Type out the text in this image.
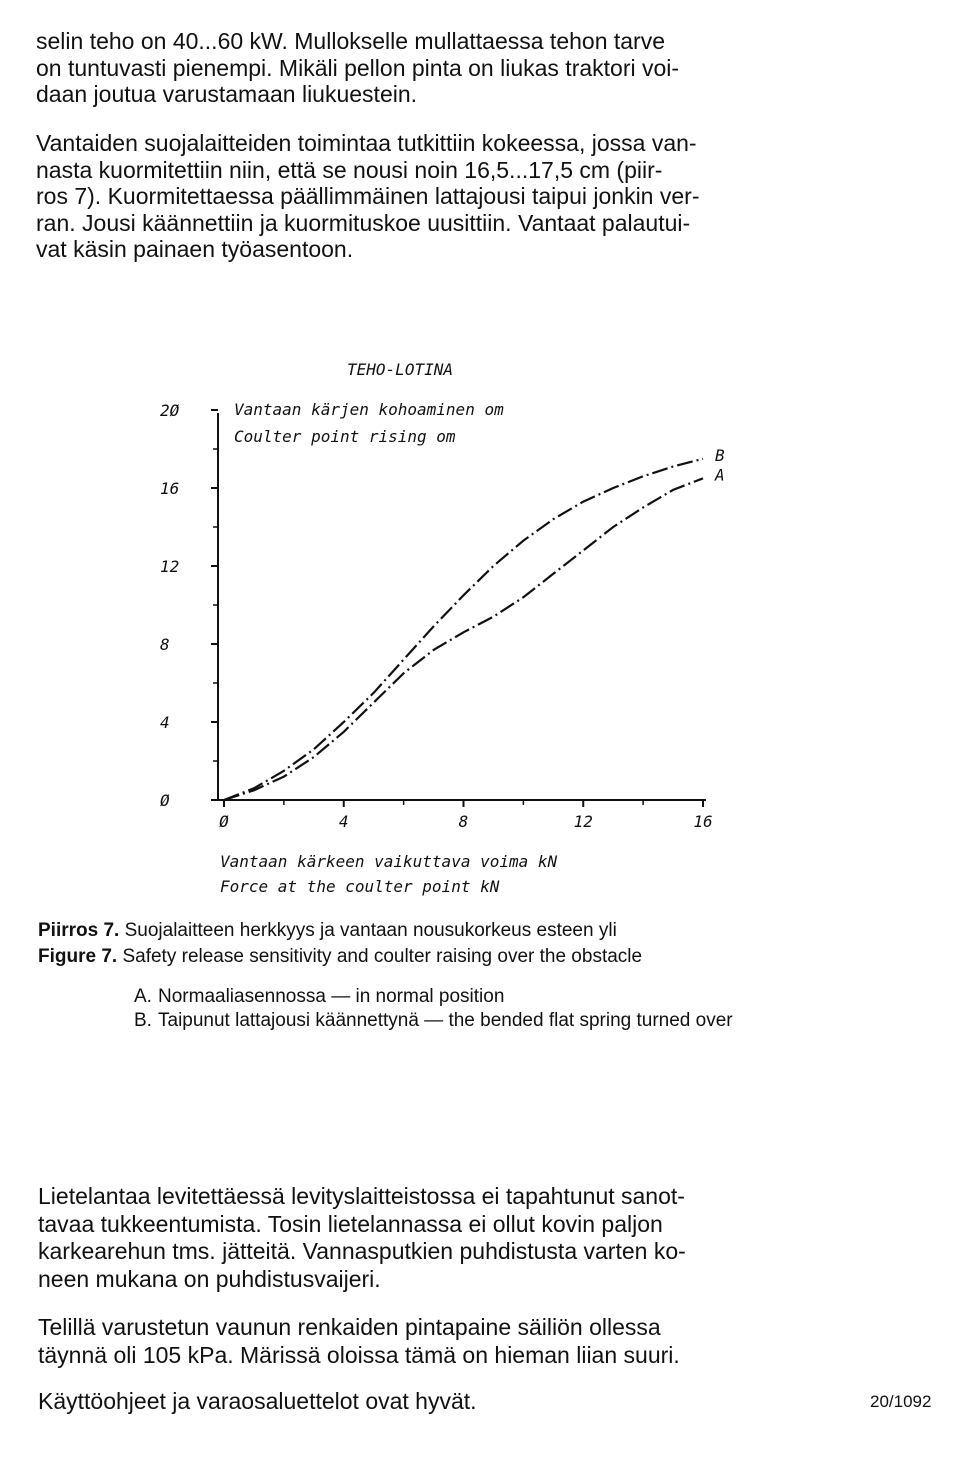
selin teho on 40...60 kW. Mullokselle mullattaessa tehon tarve
on tuntuvasti pienempi. Mikäli pellon pinta on liukas traktori voi-
daan joutua varustamaan liukuestein.

Vantaiden suojalaitteiden toimintaa tutkittiin kokeessa, jossa van-
nasta kuormitettiin niin, että se nousi noin 16,5...17,5 cm (piir-
ros 7). Kuormitettaessa päällimmäinen lattajousi taipui jonkin ver-
ran. Jousi käännettiin ja kuormituskoe uusittiin. Vantaat palautui-
vat käsin painaen työasentoon.

TEHO-LOTINA
Vantaan kärjen kohoaminen om
Coulter point rising om
Ø
4
8
12
16
2Ø
Ø	4	8	12	16
B
A
Vantaan kärkeen vaikuttava voima kN
Force at the coulter point kN
Piirros 7. Suojalaitteen herkkyys ja vantaan nousukorkeus esteen yli
Figure 7. Safety release sensitivity and coulter raising over the obstacle
A. Normaaliasennossa — in normal position
B. Taipunut lattajousi käännettynä — the bended flat spring turned over

Lietelantaa levitettäessä levityslaitteistossa ei tapahtunut sanot-
tavaa tukkeentumista. Tosin lietelannassa ei ollut kovin paljon
karkearehun tms. jätteitä. Vannasputkien puhdistusta varten ko-
neen mukana on puhdistusvaijeri.

Telillä varustetun vaunun renkaiden pintapaine säiliön ollessa
täynnä oli 105 kPa. Märissä oloissa tämä on hieman liian suuri.

Käyttöohjeet ja varaosaluettelot ovat hyvät.	20/1092
